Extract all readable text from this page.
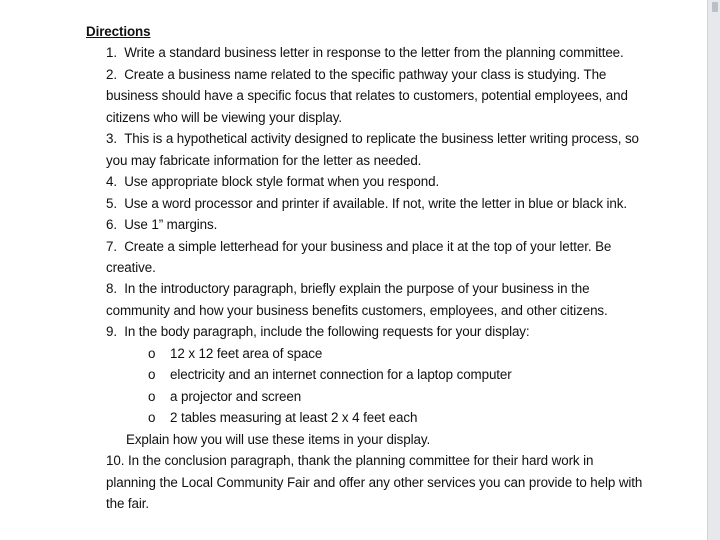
Directions
1. Write a standard business letter in response to the letter from the planning committee.
2. Create a business name related to the specific pathway your class is studying. The business should have a specific focus that relates to customers, potential employees, and citizens who will be viewing your display.
3. This is a hypothetical activity designed to replicate the business letter writing process, so you may fabricate information for the letter as needed.
4. Use appropriate block style format when you respond.
5. Use a word processor and printer if available. If not, write the letter in blue or black ink.
6. Use 1” margins.
7. Create a simple letterhead for your business and place it at the top of your letter. Be creative.
8. In the introductory paragraph, briefly explain the purpose of your business in the community and how your business benefits customers, employees, and other citizens.
9. In the body paragraph, include the following requests for your display:
o	12 x 12 feet area of space
o	electricity and an internet connection for a laptop computer
o	a projector and screen
o	2 tables measuring at least 2 x 4 feet each
Explain how you will use these items in your display.
10. In the conclusion paragraph, thank the planning committee for their hard work in planning the Local Community Fair and offer any other services you can provide to help with the fair.
